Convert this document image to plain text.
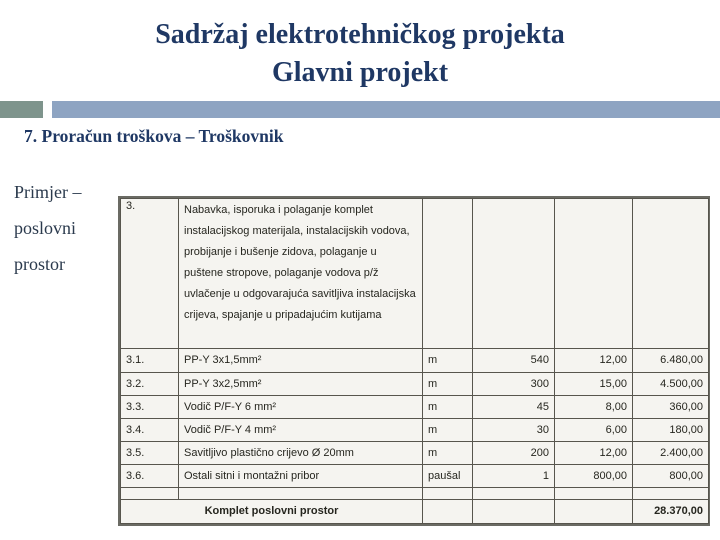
Sadržaj elektrotehničkog projekta
Glavni projekt
7. Proračun troškova – Troškovnik
Primjer –
poslovni
prostor
3.	Nabavka, isporuka i polaganje komplet instalacijskog materijala, instalacijskih vodova, probijanje i bušenje zidova, polaganje u puštene stropove, polaganje vodova p/ž uvlačenje u odgovarajuća savitljiva instalacijska crijeva, spajanje u pripadajućim kutijama				
3.1.	PP-Y 3x1,5mm²	m	540	12,00	6.480,00
3.2.	PP-Y 3x2,5mm²	m	300	15,00	4.500,00
3.3.	Vodič P/F-Y 6 mm²	m	45	8,00	360,00
3.4.	Vodič P/F-Y 4 mm²	m	30	6,00	180,00
3.5.	Savitljivo plastično crijevo Ø 20mm	m	200	12,00	2.400,00
3.6.	Ostali sitni i montažni pribor	paušal	1	800,00	800,00

Komplet poslovni prostor					28.370,00
